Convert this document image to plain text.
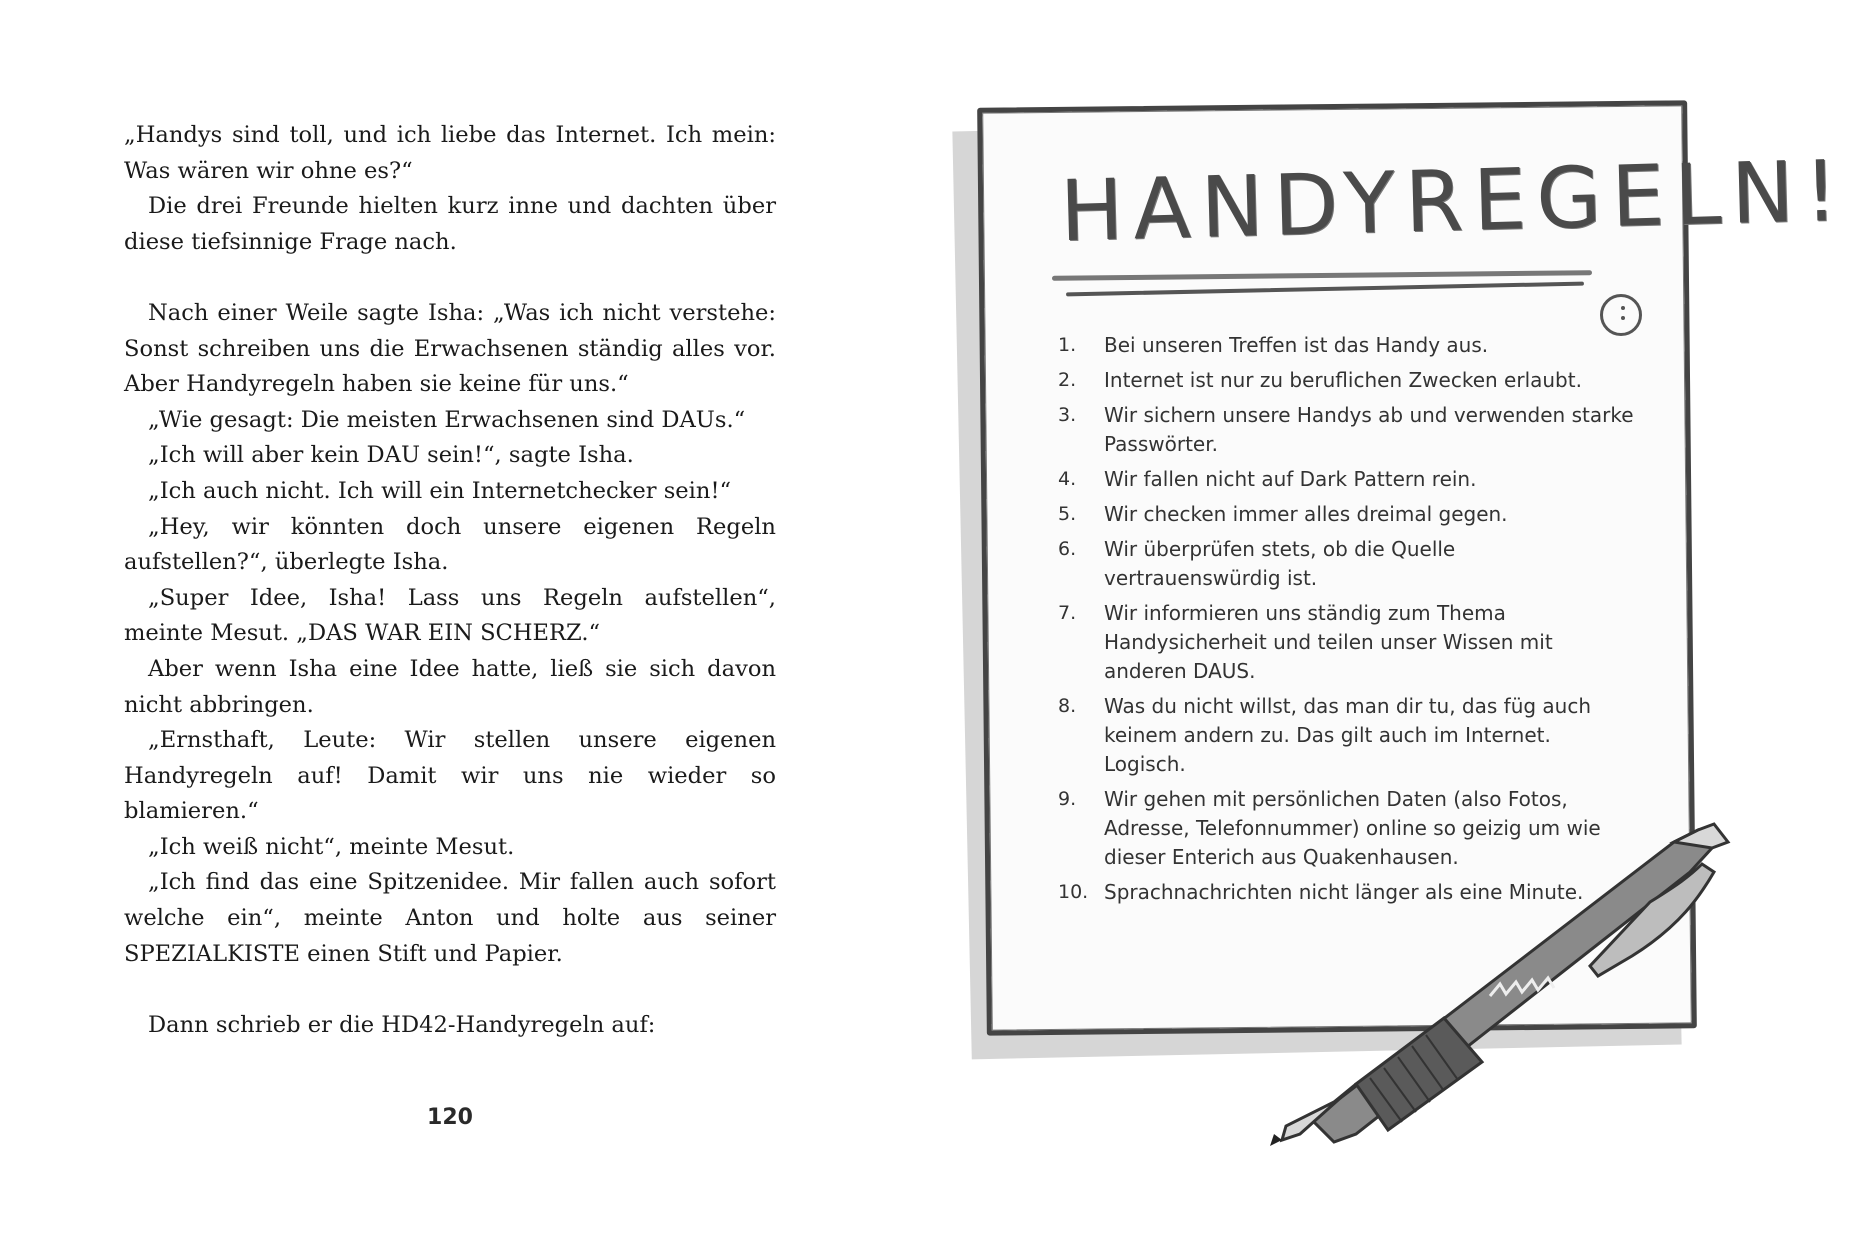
„Handys sind toll, und ich liebe das Internet. Ich mein: Was wären wir ohne es?“

Die drei Freunde hielten kurz inne und dachten über diese tiefsinnige Frage nach.

Nach einer Weile sagte Isha: „Was ich nicht verstehe: Sonst schreiben uns die Erwachsenen ständig alles vor. Aber Handyregeln haben sie keine für uns.“

„Wie gesagt: Die meisten Erwachsenen sind DAUs.“

„Ich will aber kein DAU sein!“, sagte Isha.

„Ich auch nicht. Ich will ein Internetchecker sein!“

„Hey, wir könnten doch unsere eigenen Regeln aufstellen?“, überlegte Isha.

„Super Idee, Isha! Lass uns Regeln aufstellen“, meinte Mesut. „DAS WAR EIN SCHERZ.“

Aber wenn Isha eine Idee hatte, ließ sie sich davon nicht abbringen.

„Ernsthaft, Leute: Wir stellen unsere eigenen Handyregeln auf! Damit wir uns nie wieder so blamieren.“

„Ich weiß nicht“, meinte Mesut.

„Ich find das eine Spitzenidee. Mir fallen auch sofort welche ein“, meinte Anton und holte aus seiner SPEZIALKISTE einen Stift und Papier.

Dann schrieb er die HD42-Handyregeln auf:

120
HANDYREGELN!
1.	Bei unseren Treffen ist das Handy aus.
2.	Internet ist nur zu beruflichen Zwecken erlaubt.
3.	Wir sichern unsere Handys ab und verwenden starke Passwörter.
4.	Wir fallen nicht auf Dark Pattern rein.
5.	Wir checken immer alles dreimal gegen.
6.	Wir überprüfen stets, ob die Quelle vertrauenswürdig ist.
7.	Wir informieren uns ständig zum Thema Handysicherheit und teilen unser Wissen mit anderen DAUS.
8.	Was du nicht willst, das man dir tu, das füg auch keinem andern zu. Das gilt auch im Internet. Logisch.
9.	Wir gehen mit persönlichen Daten (also Fotos, Adresse, Telefonnummer) online so geizig um wie dieser Enterich aus Quakenhausen.
10. Sprachnachrichten nicht länger als eine Minute.
